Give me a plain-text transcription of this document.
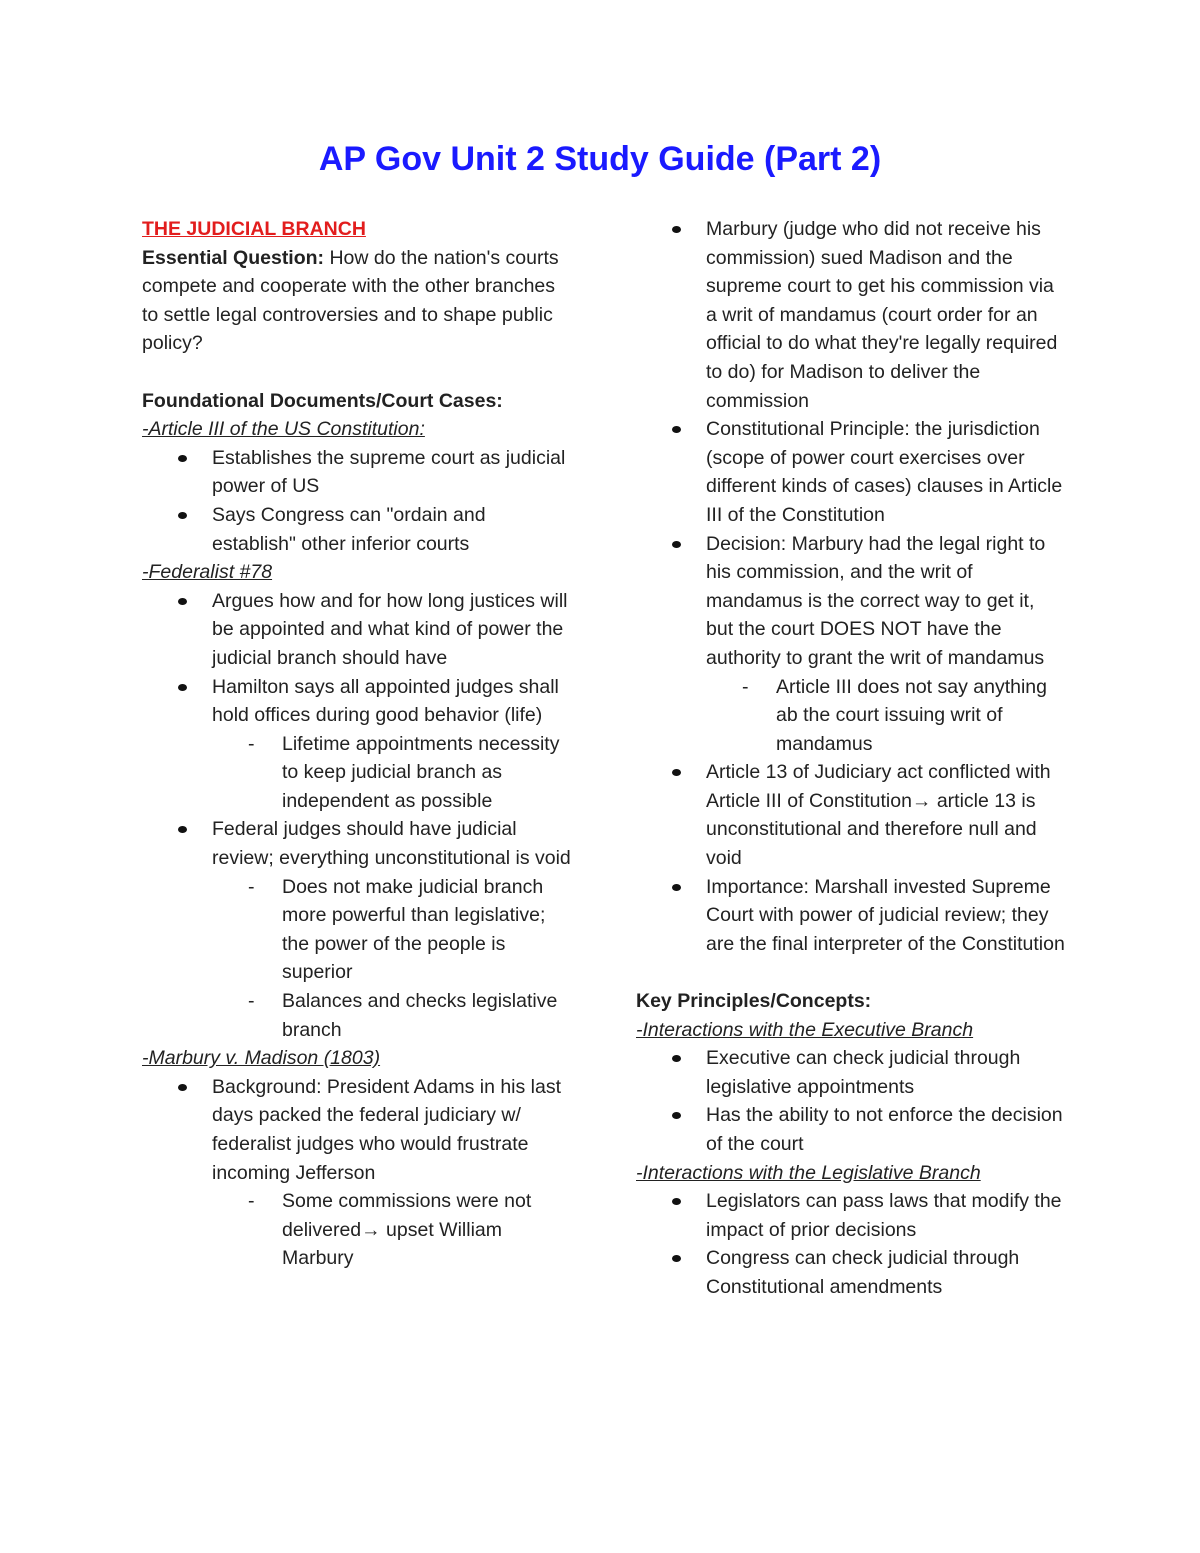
AP Gov Unit 2 Study Guide (Part 2)

THE JUDICIAL BRANCH

Essential Question: How do the nation's courts compete and cooperate with the other branches to settle legal controversies and to shape public policy?

Foundational Documents/Court Cases:

-Article III of the US Constitution:

Establishes the supreme court as judicial power of US
Says Congress can "ordain and establish" other inferior courts

-Federalist #78

Argues how and for how long justices will be appointed and what kind of power the judicial branch should have
Hamilton says all appointed judges shall hold offices during good behavior (life)
- Lifetime appointments necessity to keep judicial branch as independent as possible
Federal judges should have judicial review; everything unconstitutional is void
- Does not make judicial branch more powerful than legislative; the power of the people is superior
- Balances and checks legislative branch

-Marbury v. Madison (1803)

Background: President Adams in his last days packed the federal judiciary w/ federalist judges who would frustrate incoming Jefferson
- Some commissions were not delivered→ upset William Marbury
Marbury (judge who did not receive his commission) sued Madison and the supreme court to get his commission via a writ of mandamus (court order for an official to do what they're legally required to do) for Madison to deliver the commission
Constitutional Principle: the jurisdiction (scope of power court exercises over different kinds of cases) clauses in Article III of the Constitution
Decision: Marbury had the legal right to his commission, and the writ of mandamus is the correct way to get it, but the court DOES NOT have the authority to grant the writ of mandamus
- Article III does not say anything ab the court issuing writ of mandamus
Article 13 of Judiciary act conflicted with Article III of Constitution→ article 13 is unconstitutional and therefore null and void
Importance: Marshall invested Supreme Court with power of judicial review; they are the final interpreter of the Constitution

Key Principles/Concepts:

-Interactions with the Executive Branch

Executive can check judicial through legislative appointments
Has the ability to not enforce the decision of the court

-Interactions with the Legislative Branch

Legislators can pass laws that modify the impact of prior decisions
Congress can check judicial through Constitutional amendments
